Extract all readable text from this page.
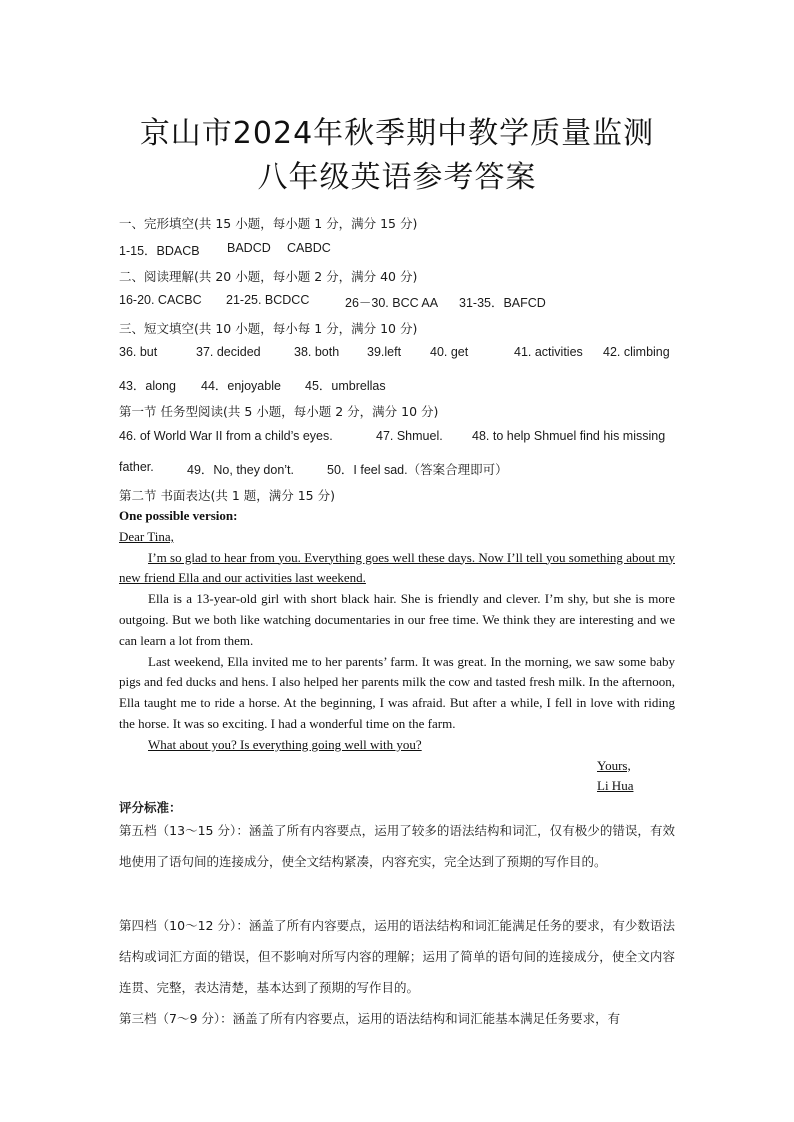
京山市2024年秋季期中教学质量监测
八年级英语参考答案
一、完形填空(共 15 小题，每小题 1 分，满分 15 分)
1-15．BDACB BADCD CABDC
二、阅读理解(共 20 小题，每小题 2 分，满分 40 分)
16-20. CACBC 21-25. BCDCC	26－30. BCC AA 31-35．BAFCD
三、短文填空(共 10 小题，每小每 1 分，满分 10 分)
36. but	37. decided	38. both 39.left 40. get	41. activities 42. climbing
43．along 44．enjoyable 45．umbrellas
第一节 任务型阅读(共 5 小题，每小题 2 分，满分 10 分)
46. of World War II from a child’s eyes.	47. Shmuel. 48. to help Shmuel find his missing
father.	49．No, they don’t.	50．I feel sad.（答案合理即可）
第二节 书面表达(共 1 题，满分 15 分)

One possible version:

Dear Tina,

I’m so glad to hear from you. Everything goes well these days. Now I’ll tell you something about my new friend Ella and our activities last weekend.

Ella is a 13-year-old girl with short black hair. She is friendly and clever. I’m shy, but she is more outgoing. But we both like watching documentaries in our free time. We think they are interesting and we can learn a lot from them.

Last weekend, Ella invited me to her parents’ farm. It was great. In the morning, we saw some baby pigs and fed ducks and hens. I also helped her parents milk the cow and tasted fresh milk. In the afternoon, Ella taught me to ride a horse. At the beginning, I was afraid. But after a while, I fell in love with riding the horse. It was so exciting. I had a wonderful time on the farm.

What about you? Is everything going well with you?

Yours,

Li Hua

评分标准：
第五档（13～15 分）：涵盖了所有内容要点，运用了较多的语法结构和词汇，仅有极少的错误，有效地使用了语句间的连接成分，使全文结构紧凑，内容充实，完全达到了预期的写作目的。
第四档（10～12 分）：涵盖了所有内容要点，运用的语法结构和词汇能满足任务的要求，有少数语法结构或词汇方面的错误，但不影响对所写内容的理解；运用了简单的语句间的连接成分，使全文内容连贯、完整，表达清楚，基本达到了预期的写作目的。
第三档（7～9 分）：涵盖了所有内容要点，运用的语法结构和词汇能基本满足任务要求，有
